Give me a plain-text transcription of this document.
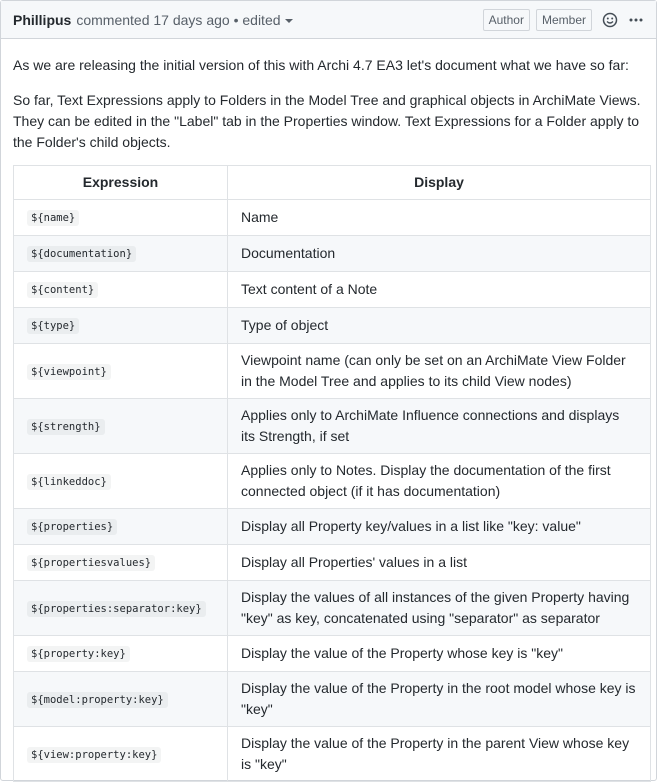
Phillipus commented
17 days ago
•
edited	Author	Member

As we are releasing the initial version of this with Archi 4.7 EA3 let's document what we have so far:

So far, Text Expressions apply to Folders in the Model Tree and graphical objects in ArchiMate Views. They can be edited in the "Label" tab in the Properties window. Text Expressions for a Folder apply to the Folder's child objects.

Expression	Display
${name}	Name
${documentation}	Documentation
${content}	Text content of a Note
${type}	Type of object
${viewpoint}	Viewpoint name (can only be set on an ArchiMate View Folder in the Model Tree and applies to its child View nodes)
${strength}	Applies only to ArchiMate Influence connections and displays its Strength, if set
${linkeddoc}	Applies only to Notes. Display the documentation of the first connected object (if it has documentation)
${properties}	Display all Property key/values in a list like "key: value"
${propertiesvalues}	Display all Properties' values in a list
${properties:separator:key}	Display the values of all instances of the given Property having "key" as key, concatenated using "separator" as separator
${property:key}	Display the value of the Property whose key is "key"
${model:property:key}	Display the value of the Property in the root model whose key is "key"
${view:property:key}	Display the value of the Property in the parent View whose key is "key"
